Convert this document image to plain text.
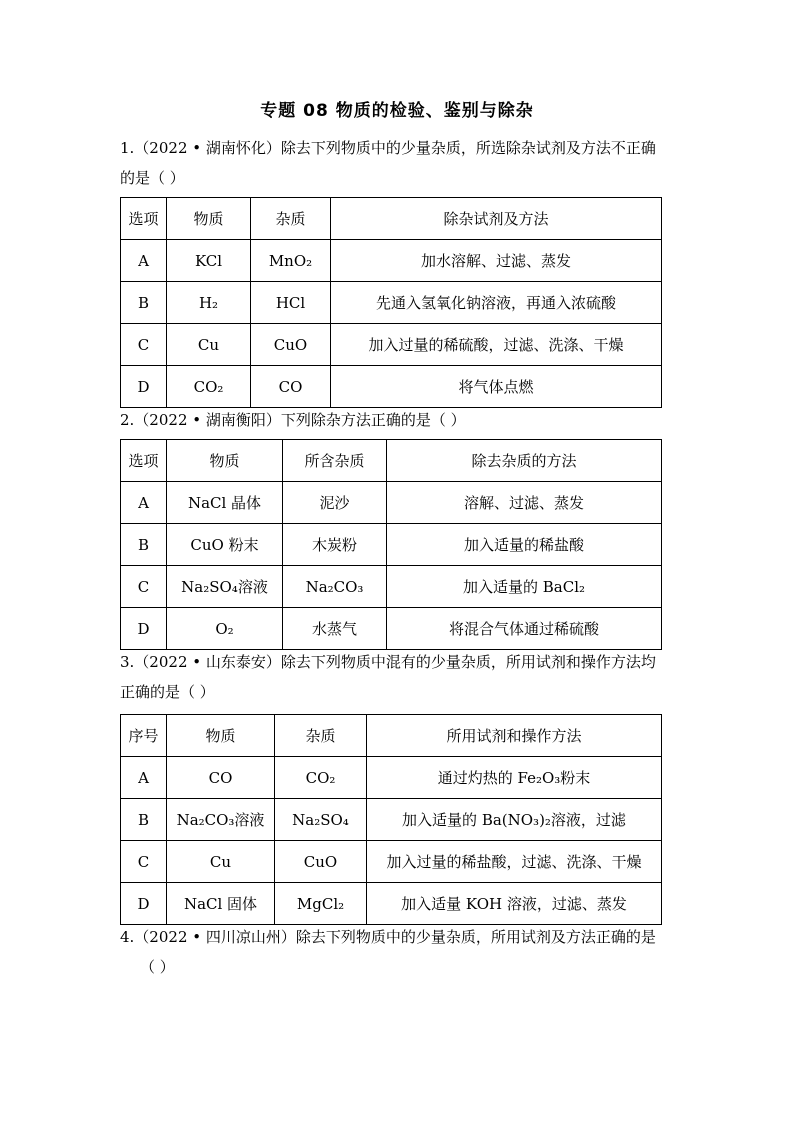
专题 08 物质的检验、鉴别与除杂
1.（2022 • 湖南怀化）除去下列物质中的少量杂质，所选除杂试剂及方法不正确
的是（ ）
选项	物质	杂质	除杂试剂及方法
A	KCl	MnO₂	加水溶解、过滤、蒸发
B	H₂	HCl	先通入氢氧化钠溶液，再通入浓硫酸
C	Cu	CuO	加入过量的稀硫酸，过滤、洗涤、干燥
D	CO₂	CO	将气体点燃
2.（2022 • 湖南衡阳）下列除杂方法正确的是（ ）
选项	物质	所含杂质	除去杂质的方法
A	NaCl 晶体	泥沙	溶解、过滤、蒸发
B	CuO 粉末	木炭粉	加入适量的稀盐酸
C	Na₂SO₄溶液	Na₂CO₃	加入适量的 BaCl₂
D	O₂	水蒸气	将混合气体通过稀硫酸
3.（2022 • 山东泰安）除去下列物质中混有的少量杂质，所用试剂和操作方法均
正确的是（ ）
序号	物质	杂质	所用试剂和操作方法
A	CO	CO₂	通过灼热的 Fe₂O₃粉末
B	Na₂CO₃溶液	Na₂SO₄	加入适量的 Ba(NO₃)₂溶液，过滤
C	Cu	CuO	加入过量的稀盐酸，过滤、洗涤、干燥
D	NaCl 固体	MgCl₂	加入适量 KOH 溶液，过滤、蒸发
4.（2022 • 四川凉山州）除去下列物质中的少量杂质，所用试剂及方法正确的是
（ ）
